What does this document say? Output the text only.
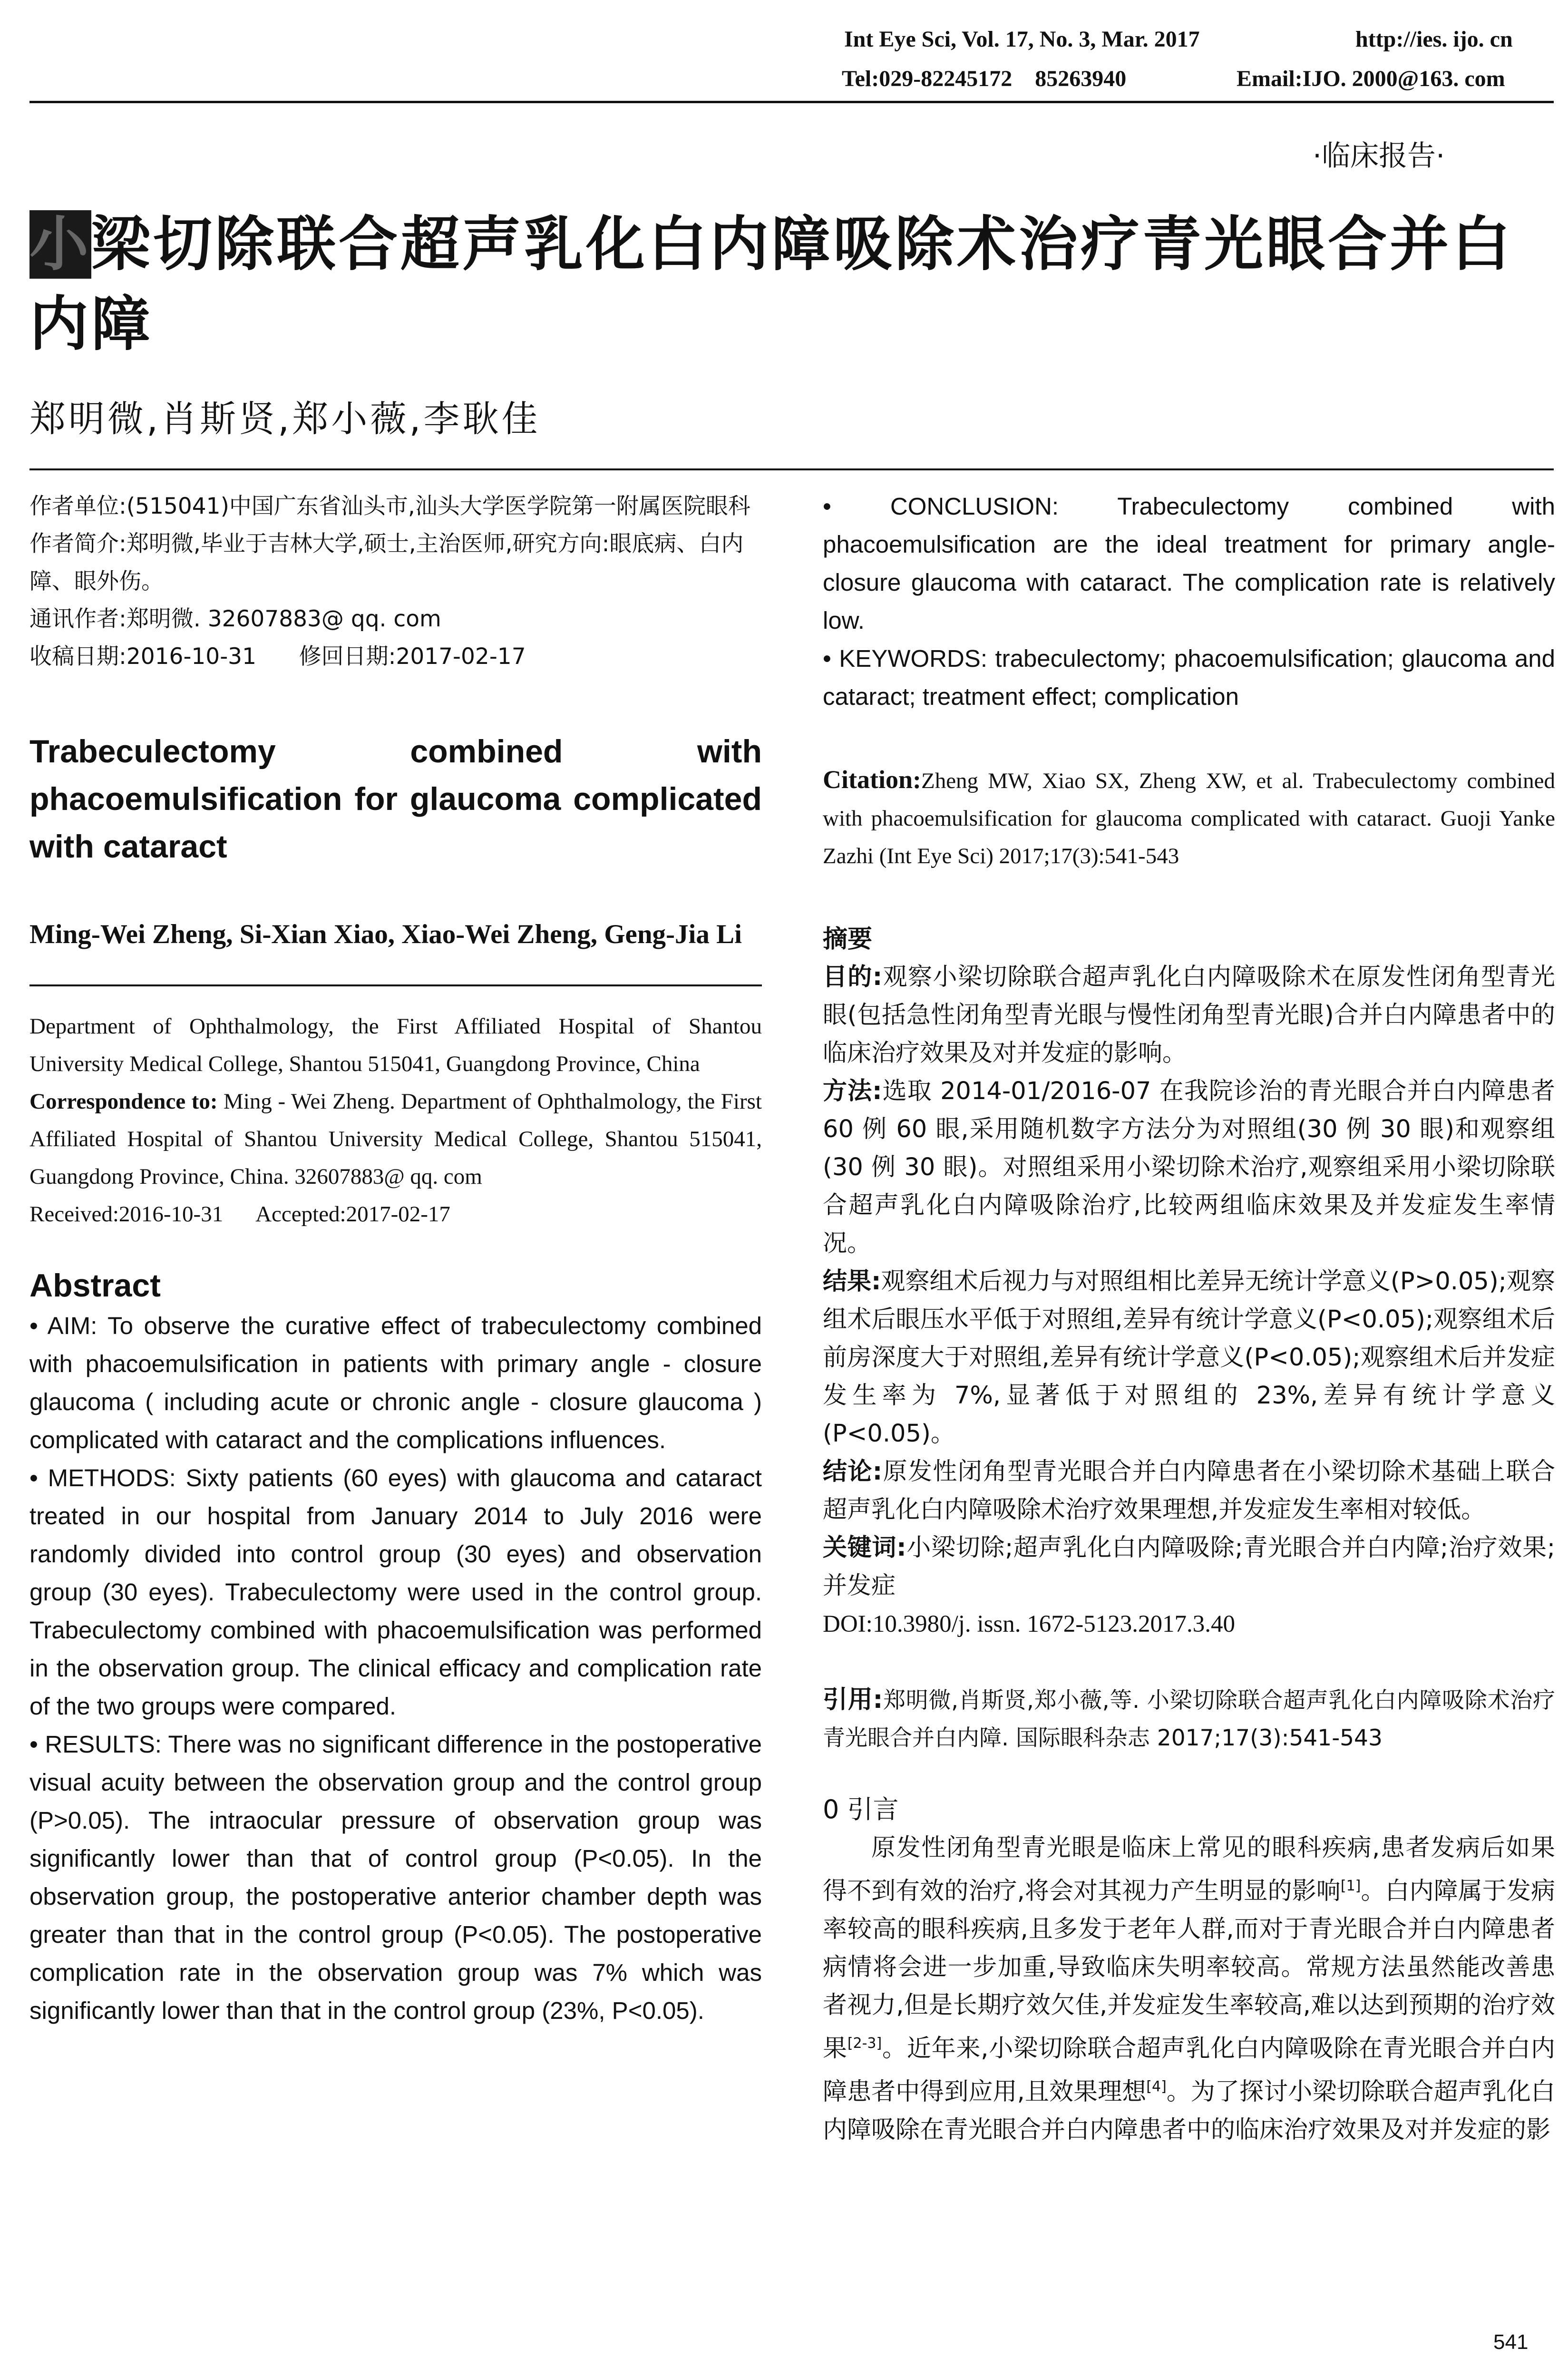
Int Eye Sci, Vol. 17, No. 3, Mar. 2017	http://ies. ijo. cn
Tel:029-82245172    85263940	Email:IJO. 2000@163. com
·临床报告·
小梁切除联合超声乳化白内障吸除术治疗青光眼合并白内障
郑明微,肖斯贤,郑小薇,李耿佳
作者单位:(515041)中国广东省汕头市,汕头大学医学院第一附属医院眼科
作者简介:郑明微,毕业于吉林大学,硕士,主治医师,研究方向:眼底病、白内障、眼外伤。
通讯作者:郑明微. 32607883@ qq. com
收稿日期:2016-10-31      修回日期:2017-02-17
Trabeculectomy combined with phacoemulsification for glaucoma complicated with cataract
Ming-Wei Zheng, Si-Xian Xiao, Xiao-Wei Zheng, Geng-Jia Li
Department of Ophthalmology, the First Affiliated Hospital of Shantou University Medical College, Shantou 515041, Guangdong Province, China
Correspondence to: Ming - Wei Zheng. Department of Ophthalmology, the First Affiliated Hospital of Shantou University Medical College, Shantou 515041, Guangdong Province, China. 32607883@ qq. com
Received:2016-10-31      Accepted:2017-02-17
Abstract

• AIM: To observe the curative effect of trabeculectomy combined with phacoemulsification in patients with primary angle - closure glaucoma ( including acute or chronic angle - closure glaucoma ) complicated with cataract and the complications influences.

• METHODS: Sixty patients (60 eyes) with glaucoma and cataract treated in our hospital from January 2014 to July 2016 were randomly divided into control group (30 eyes) and observation group (30 eyes). Trabeculectomy were used in the control group. Trabeculectomy combined with phacoemulsification was performed in the observation group. The clinical efficacy and complication rate of the two groups were compared.

• RESULTS: There was no significant difference in the postoperative visual acuity between the observation group and the control group (P>0.05). The intraocular pressure of observation group was significantly lower than that of control group (P<0.05). In the observation group, the postoperative anterior chamber depth was greater than that in the control group (P<0.05). The postoperative complication rate in the observation group was 7% which was significantly lower than that in the control group (23%, P<0.05).

• CONCLUSION: Trabeculectomy combined with phacoemulsification are the ideal treatment for primary angle-closure glaucoma with cataract. The complication rate is relatively low.

• KEYWORDS: trabeculectomy; phacoemulsification; glaucoma and cataract; treatment effect; complication

Citation:Zheng MW, Xiao SX, Zheng XW, et al. Trabeculectomy combined with phacoemulsification for glaucoma complicated with cataract. Guoji Yanke Zazhi (Int Eye Sci) 2017;17(3):541-543
摘要
目的:观察小梁切除联合超声乳化白内障吸除术在原发性闭角型青光眼(包括急性闭角型青光眼与慢性闭角型青光眼)合并白内障患者中的临床治疗效果及对并发症的影响。
方法:选取 2014-01/2016-07 在我院诊治的青光眼合并白内障患者 60 例 60 眼,采用随机数字方法分为对照组(30 例 30 眼)和观察组(30 例 30 眼)。对照组采用小梁切除术治疗,观察组采用小梁切除联合超声乳化白内障吸除治疗,比较两组临床效果及并发症发生率情况。
结果:观察组术后视力与对照组相比差异无统计学意义(P>0.05);观察组术后眼压水平低于对照组,差异有统计学意义(P<0.05);观察组术后前房深度大于对照组,差异有统计学意义(P<0.05);观察组术后并发症发生率为 7%,显著低于对照组的 23%,差异有统计学意义(P<0.05)。
结论:原发性闭角型青光眼合并白内障患者在小梁切除术基础上联合超声乳化白内障吸除术治疗效果理想,并发症发生率相对较低。
关键词:小梁切除;超声乳化白内障吸除;青光眼合并白内障;治疗效果;并发症
DOI:10.3980/j. issn. 1672-5123.2017.3.40
引用:郑明微,肖斯贤,郑小薇,等. 小梁切除联合超声乳化白内障吸除术治疗青光眼合并白内障. 国际眼科杂志 2017;17(3):541-543
0 引言
原发性闭角型青光眼是临床上常见的眼科疾病,患者发病后如果得不到有效的治疗,将会对其视力产生明显的影响[1]。白内障属于发病率较高的眼科疾病,且多发于老年人群,而对于青光眼合并白内障患者病情将会进一步加重,导致临床失明率较高。常规方法虽然能改善患者视力,但是长期疗效欠佳,并发症发生率较高,难以达到预期的治疗效果[2-3]。近年来,小梁切除联合超声乳化白内障吸除在青光眼合并白内障患者中得到应用,且效果理想[4]。为了探讨小梁切除联合超声乳化白内障吸除在青光眼合并白内障患者中的临床治疗效果及对并发症的影
541
